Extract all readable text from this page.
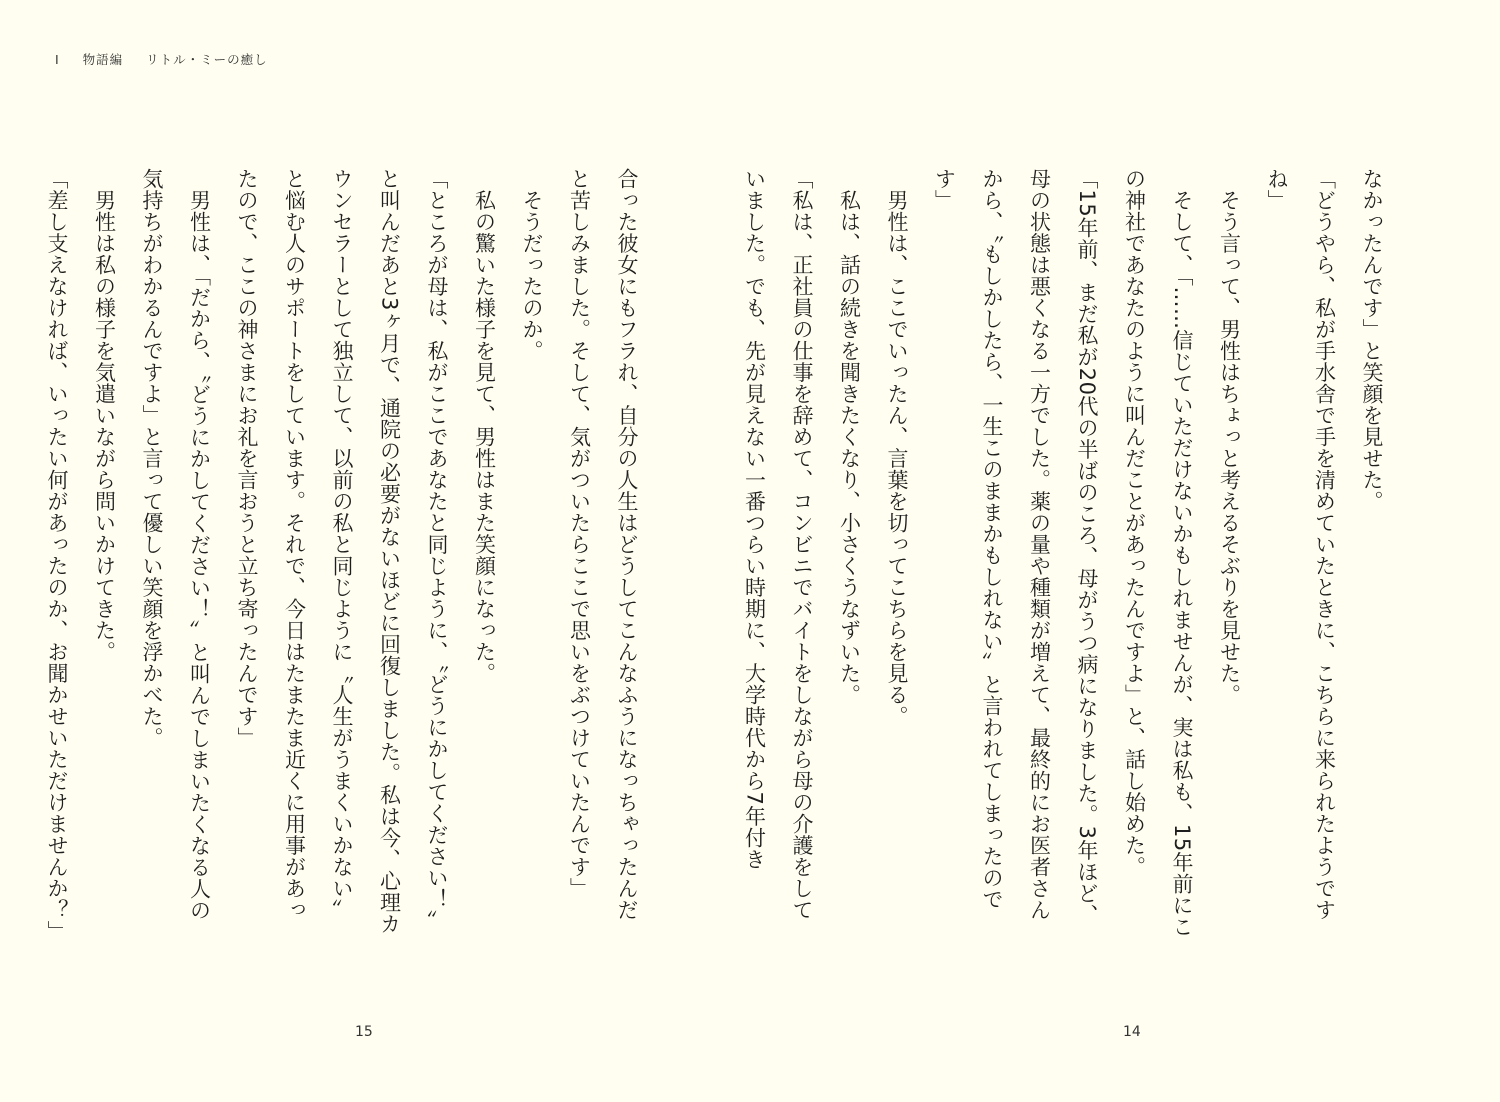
Ⅰ 物語編 リトル・ミーの癒し

なかったんです」と笑顔を見せた。

「どうやら、私が手水舎で手を清めていたときに、こちらに来られたようですね」

　そう言って、男性はちょっと考えるそぶりを見せた。

　そして、「……信じていただけないかもしれませんが、実は私も、15年前にこの神社であなたのように叫んだことがあったんですよ」と、話し始めた。

「15年前、まだ私が20代の半ばのころ、母がうつ病になりました。3年ほど、母の状態は悪くなる一方でした。薬の量や種類が増えて、最終的にお医者さんから、〝もしかしたら、一生このままかもしれない〟と言われてしまったのです」

　男性は、ここでいったん、言葉を切ってこちらを見る。

　私は、話の続きを聞きたくなり、小さくうなずいた。

「私は、正社員の仕事を辞めて、コンビニでバイトをしながら母の介護をしていました。でも、先が見えない一番つらい時期に、大学時代から7年付き

合った彼女にもフラれ、自分の人生はどうしてこんなふうになっちゃったんだと苦しみました。そして、気がついたらここで思いをぶつけていたんです」

　そうだったのか。

　私の驚いた様子を見て、男性はまた笑顔になった。

「ところが母は、私がここであなたと同じように、〝どうにかしてください！〟と叫んだあと3ヶ月で、通院の必要がないほどに回復しました。私は今、心理カウンセラーとして独立して、以前の私と同じように〝人生がうまくいかない〟と悩む人のサポートをしています。それで、今日はたまたま近くに用事があったので、ここの神さまにお礼を言おうと立ち寄ったんです」

　男性は、「だから、〝どうにかしてください！〟と叫んでしまいたくなる人の気持ちがわかるんですよ」と言って優しい笑顔を浮かべた。

　男性は私の様子を気遣いながら問いかけてきた。

「差し支えなければ、いったい何があったのか、お聞かせいただけませんか？」

15	14
